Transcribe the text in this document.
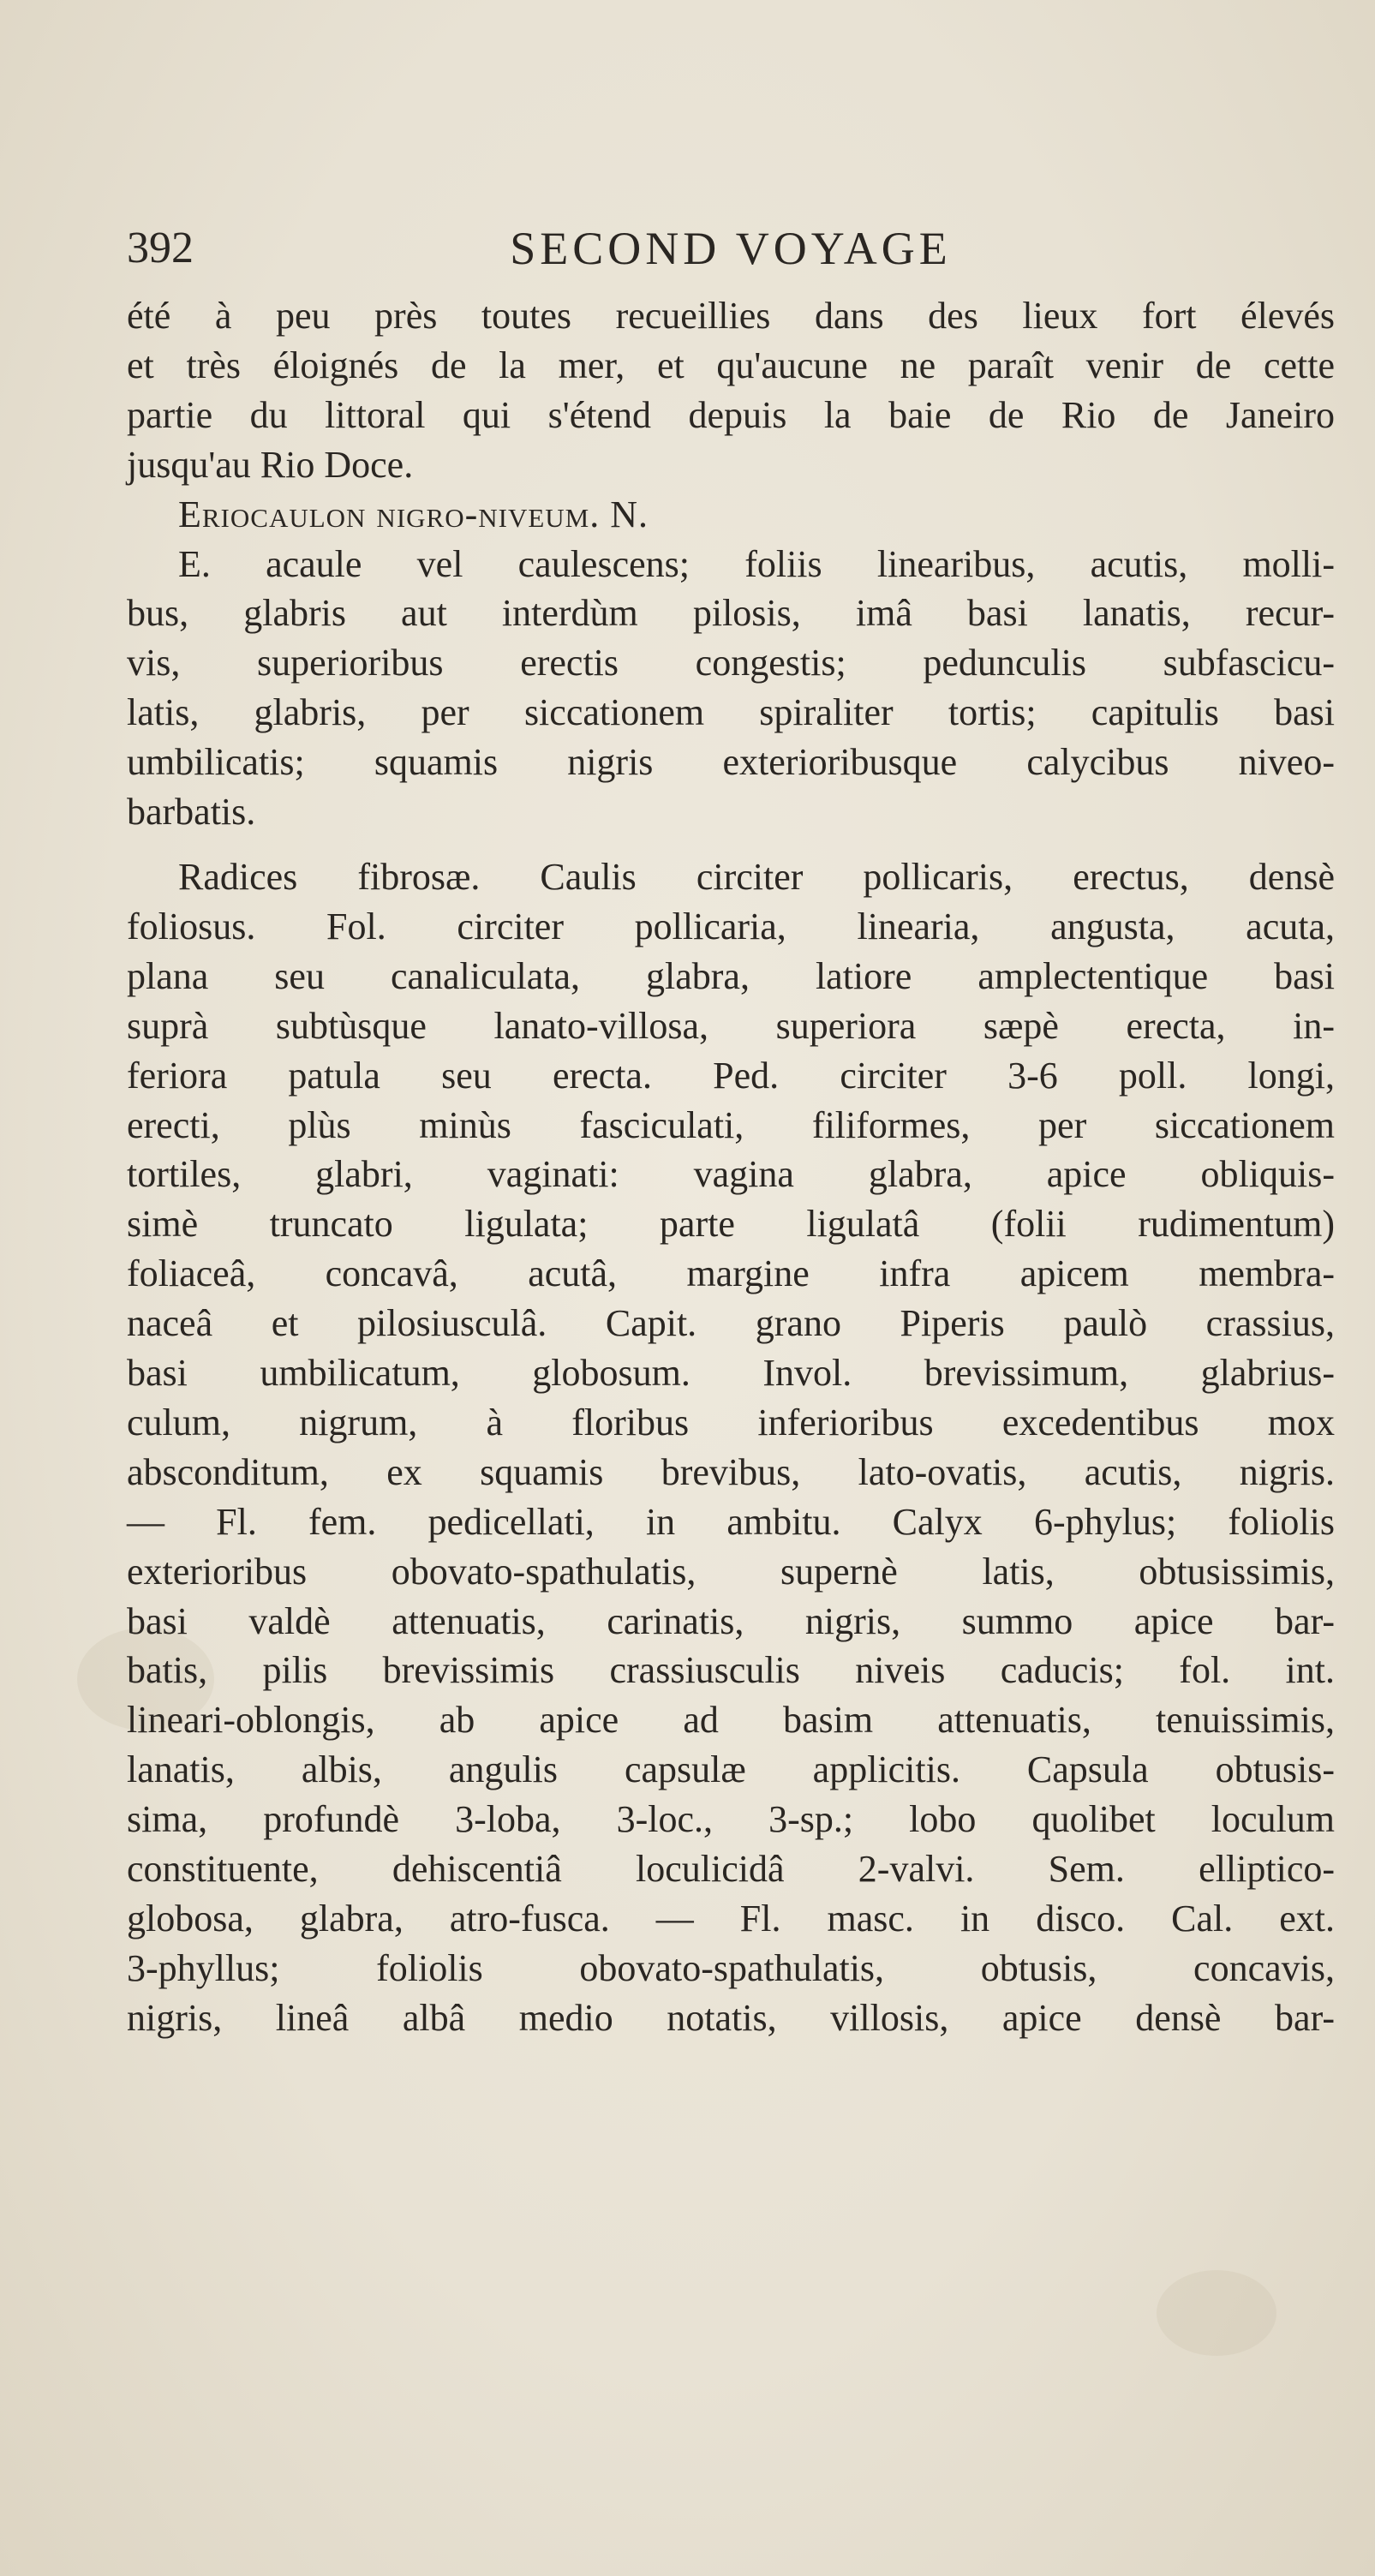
392	SECOND VOYAGE
été à peu près toutes recueillies dans des lieux fort élevés
et très éloignés de la mer, et qu'aucune ne paraît venir de cette
partie du littoral qui s'étend depuis la baie de Rio de Janeiro
jusqu'au Rio Doce.
Eriocaulon nigro-niveum. N.
E. acaule vel caulescens; foliis linearibus, acutis, molli-
bus, glabris aut interdùm pilosis, imâ basi lanatis, recur-
vis, superioribus erectis congestis; pedunculis subfascicu-
latis, glabris, per siccationem spiraliter tortis; capitulis basi
umbilicatis; squamis nigris exterioribusque calycibus niveo-
barbatis.
Radices fibrosæ. Caulis circiter pollicaris, erectus, densè
foliosus. Fol. circiter pollicaria, linearia, angusta, acuta,
plana seu canaliculata, glabra, latiore amplectentique basi
suprà subtùsque lanato-villosa, superiora sæpè erecta, in-
feriora patula seu erecta. Ped. circiter 3-6 poll. longi,
erecti, plùs minùs fasciculati, filiformes, per siccationem
tortiles, glabri, vaginati: vagina glabra, apice obliquis-
simè truncato ligulata; parte ligulatâ (folii rudimentum)
foliaceâ, concavâ, acutâ, margine infra apicem membra-
naceâ et pilosiusculâ. Capit. grano Piperis paulò crassius,
basi umbilicatum, globosum. Invol. brevissimum, glabrius-
culum, nigrum, à floribus inferioribus excedentibus mox
absconditum, ex squamis brevibus, lato-ovatis, acutis, nigris.
— Fl. fem. pedicellati, in ambitu. Calyx 6-phylus; foliolis
exterioribus obovato-spathulatis, supernè latis, obtusissimis,
basi valdè attenuatis, carinatis, nigris, summo apice bar-
batis, pilis brevissimis crassiusculis niveis caducis; fol. int.
lineari-oblongis, ab apice ad basim attenuatis, tenuissimis,
lanatis, albis, angulis capsulæ applicitis. Capsula obtusis-
sima, profundè 3-loba, 3-loc., 3-sp.; lobo quolibet loculum
constituente, dehiscentiâ loculicidâ 2-valvi. Sem. elliptico-
globosa, glabra, atro-fusca. — Fl. masc. in disco. Cal. ext.
3-phyllus; foliolis obovato-spathulatis, obtusis, concavis,
nigris, lineâ albâ medio notatis, villosis, apice densè bar-
